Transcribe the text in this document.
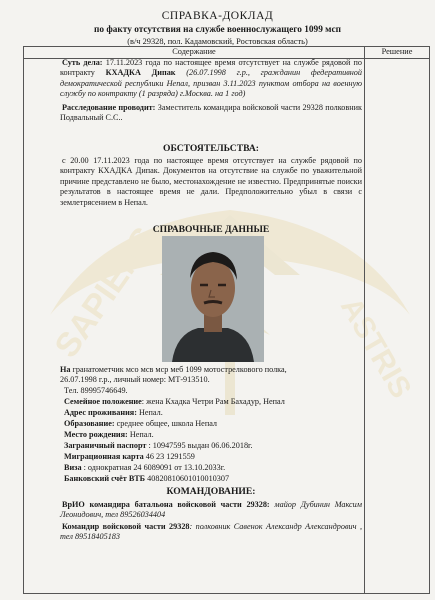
SAPIENS	ASTRIS
СПРАВКА-ДОКЛАД
по факту отсутствия на службе военнослужащего 1099 мсп
(в/ч 29328, пол. Кадамовский, Ростовская область)
Содержание	Решение
Суть дела: 17.11.2023 года по настоящее время отсутствует на службе рядовой по контракту КХАДКА Дипак (26.07.1998 г.р., гражданин федеративной демократической республики Непал, призван 3.11.2023 пунктом отбора на военную службу по контракту (1 разряда) г.Москва. на 1 год)
Расследование проводит: Заместитель командира войсковой части 29328 полковник Подвальный С.С..
ОБСТОЯТЕЛЬСТВА:
с 20.00 17.11.2023 года по настоящее время отсутствует на службе рядовой по контракту КХАДКА Дипак. Документов на отсутствие на службе по уважительной причине представлено не было, местонахождение не известно. Предпринятые поиски результатов в настоящее время не дали. Предположительно убыл в связи с землетрясением в Непал.
СПРАВОЧНЫЕ ДАННЫЕ
На гранатометчик мсо мсв мср меб 1099 мотострелкового полка,
26.07.1998 г.р., личный номер: МТ-913510.
Тел. 89995746649.
Семейное положение: жена Кхадка Четри Рам Бахадур, Непал
Адрес проживания: Непал.
Образование: среднее общее, школа Непал
Место рождения: Непал.
Заграничный паспорт : 10947595 выдан 06.06.2018г.
Миграционная карта 46 23 1291559
Виза : однократная 24 6089091 от 13.10.2033г.
Банковский счёт ВТБ 40820810601010010307
КОМАНДОВАНИЕ:
ВрИО командира батальона войсковой части 29328: майор Дубинин Максим Леонидович, тел 89526034404
Командир войсковой части 29328: полковник Савенок Александр Александрович , тел 89518405183
